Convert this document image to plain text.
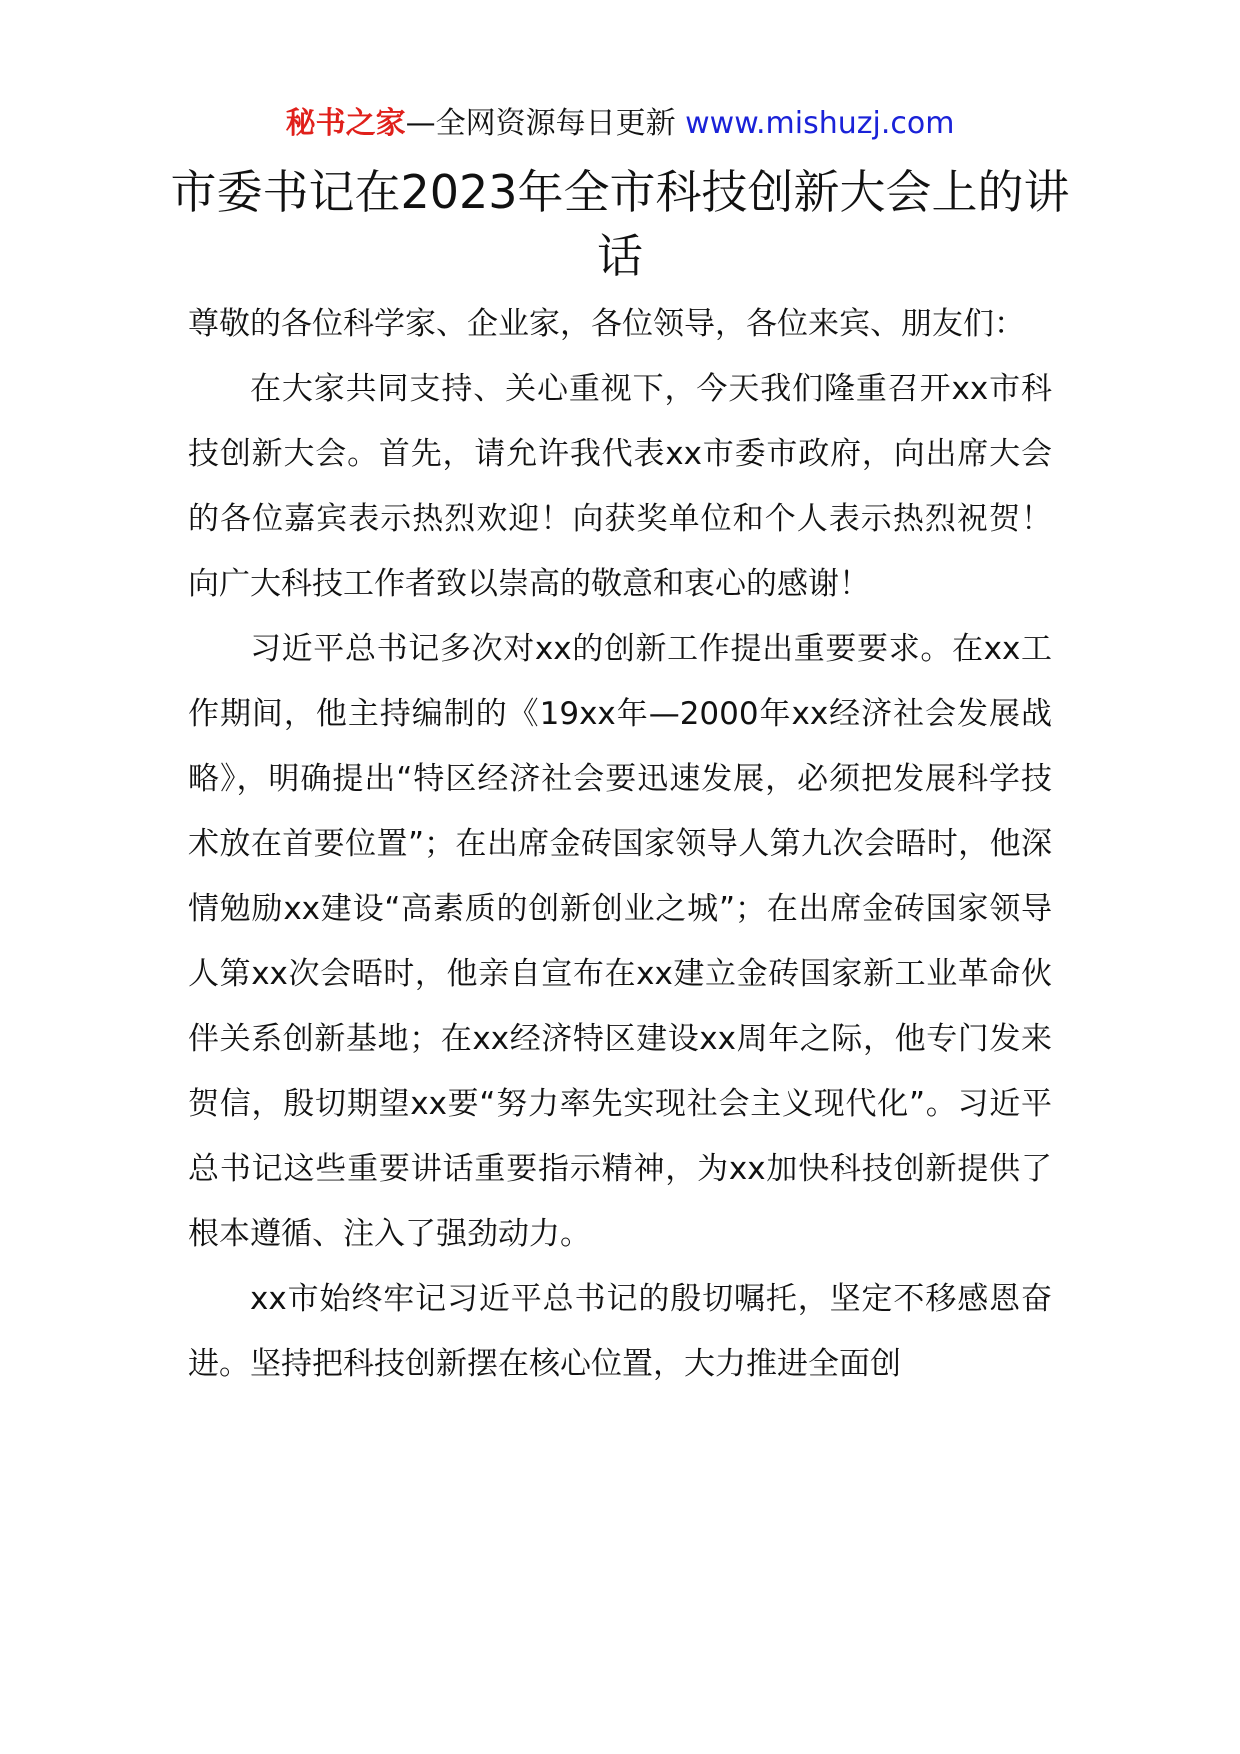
秘书之家—全网资源每日更新 www.mishuzj.com
市委书记在2023年全市科技创新大会上的讲话

尊敬的各位科学家、企业家，各位领导，各位来宾、朋友们：

在大家共同支持、关心重视下，今天我们隆重召开xx市科技创新大会。首先，请允许我代表xx市委市政府，向出席大会的各位嘉宾表示热烈欢迎！向获奖单位和个人表示热烈祝贺！向广大科技工作者致以崇高的敬意和衷心的感谢！

习近平总书记多次对xx的创新工作提出重要要求。在xx工作期间，他主持编制的《19xx年—2000年xx经济社会发展战略》，明确提出“特区经济社会要迅速发展，必须把发展科学技术放在首要位置”；在出席金砖国家领导人第九次会晤时，他深情勉励xx建设“高素质的创新创业之城”；在出席金砖国家领导人第xx次会晤时，他亲自宣布在xx建立金砖国家新工业革命伙伴关系创新基地；在xx经济特区建设xx周年之际，他专门发来贺信，殷切期望xx要“努力率先实现社会主义现代化”。习近平总书记这些重要讲话重要指示精神，为xx加快科技创新提供了根本遵循、注入了强劲动力。

xx市始终牢记习近平总书记的殷切嘱托，坚定不移感恩奋进。坚持把科技创新摆在核心位置，大力推进全面创
